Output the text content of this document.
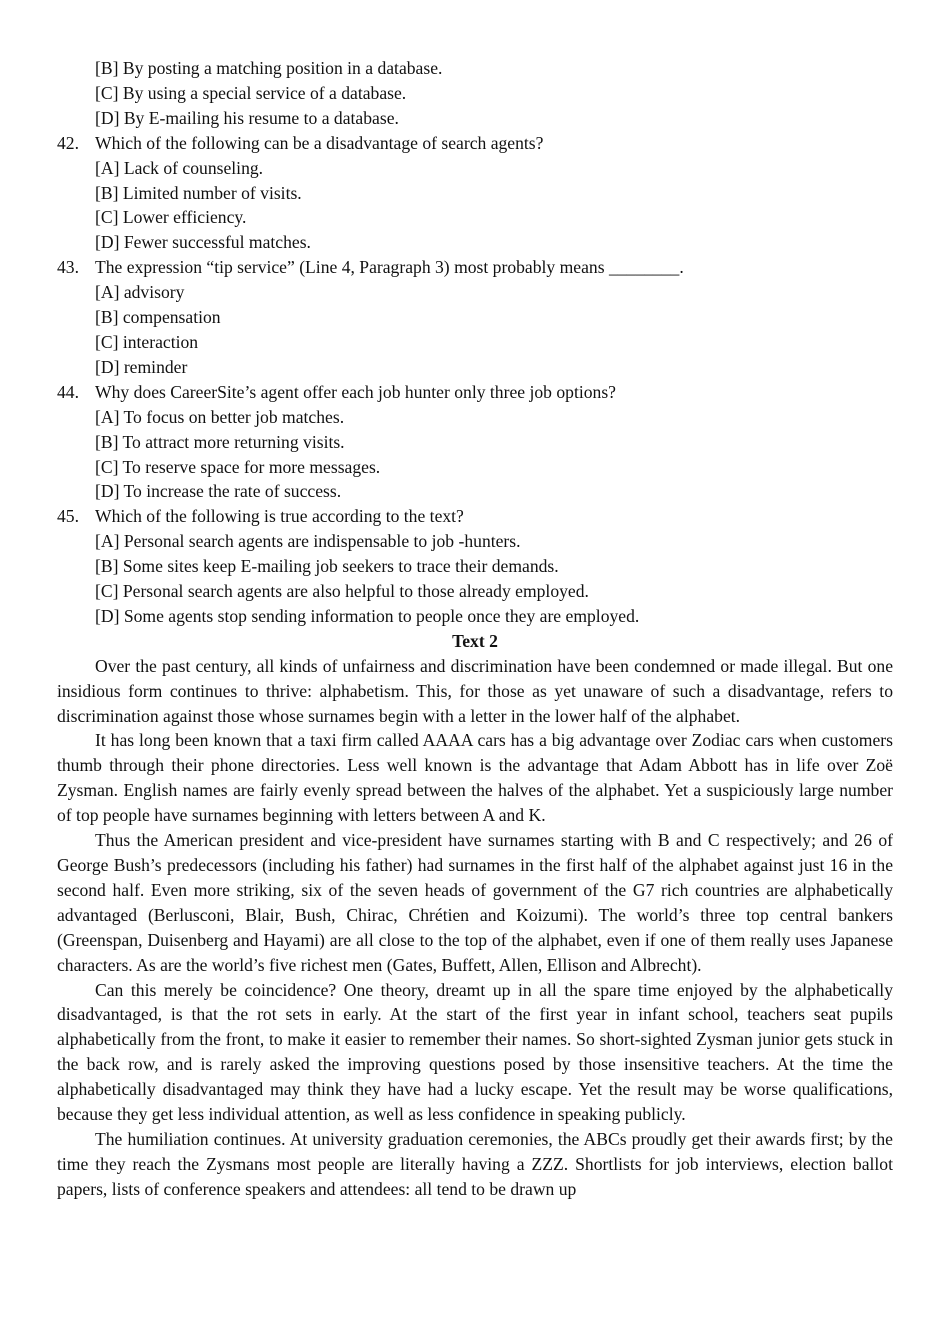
[B] By posting a matching position in a database.
[C] By using a special service of a database.
[D] By E-mailing his resume to a database.
42. Which of the following can be a disadvantage of search agents?
[A] Lack of counseling.
[B] Limited number of visits.
[C] Lower efficiency.
[D] Fewer successful matches.
43. The expression “tip service” (Line 4, Paragraph 3) most probably means ________.
[A] advisory
[B] compensation
[C] interaction
[D] reminder
44. Why does CareerSite’s agent offer each job hunter only three job options?
[A] To focus on better job matches.
[B] To attract more returning visits.
[C] To reserve space for more messages.
[D] To increase the rate of success.
45. Which of the following is true according to the text?
[A] Personal search agents are indispensable to job -hunters.
[B] Some sites keep E-mailing job seekers to trace their demands.
[C] Personal search agents are also helpful to those already employed.
[D] Some agents stop sending information to people once they are employed.
Text 2

Over the past century, all kinds of unfairness and discrimination have been condemned or made illegal. But one insidious form continues to thrive: alphabetism. This, for those as yet unaware of such a disadvantage, refers to discrimination against those whose surnames begin with a letter in the lower half of the alphabet.

It has long been known that a taxi firm called AAAA cars has a big advantage over Zodiac cars when customers thumb through their phone directories. Less well known is the advantage that Adam Abbott has in life over Zoë Zysman. English names are fairly evenly spread between the halves of the alphabet. Yet a suspiciously large number of top people have surnames beginning with letters between A and K.

Thus the American president and vice-president have surnames starting with B and C respectively; and 26 of George Bush’s predecessors (including his father) had surnames in the first half of the alphabet against just 16 in the second half. Even more striking, six of the seven heads of government of the G7 rich countries are alphabetically advantaged (Berlusconi, Blair, Bush, Chirac, Chrétien and Koizumi). The world’s three top central bankers (Greenspan, Duisenberg and Hayami) are all close to the top of the alphabet, even if one of them really uses Japanese characters. As are the world’s five richest men (Gates, Buffett, Allen, Ellison and Albrecht).

Can this merely be coincidence? One theory, dreamt up in all the spare time enjoyed by the alphabetically disadvantaged, is that the rot sets in early. At the start of the first year in infant school, teachers seat pupils alphabetically from the front, to make it easier to remember their names. So short-sighted Zysman junior gets stuck in the back row, and is rarely asked the improving questions posed by those insensitive teachers. At the time the alphabetically disadvantaged may think they have had a lucky escape. Yet the result may be worse qualifications, because they get less individual attention, as well as less confidence in speaking publicly.

The humiliation continues. At university graduation ceremonies, the ABCs proudly get their awards first; by the time they reach the Zysmans most people are literally having a ZZZ. Shortlists for job interviews, election ballot papers, lists of conference speakers and attendees: all tend to be drawn up
